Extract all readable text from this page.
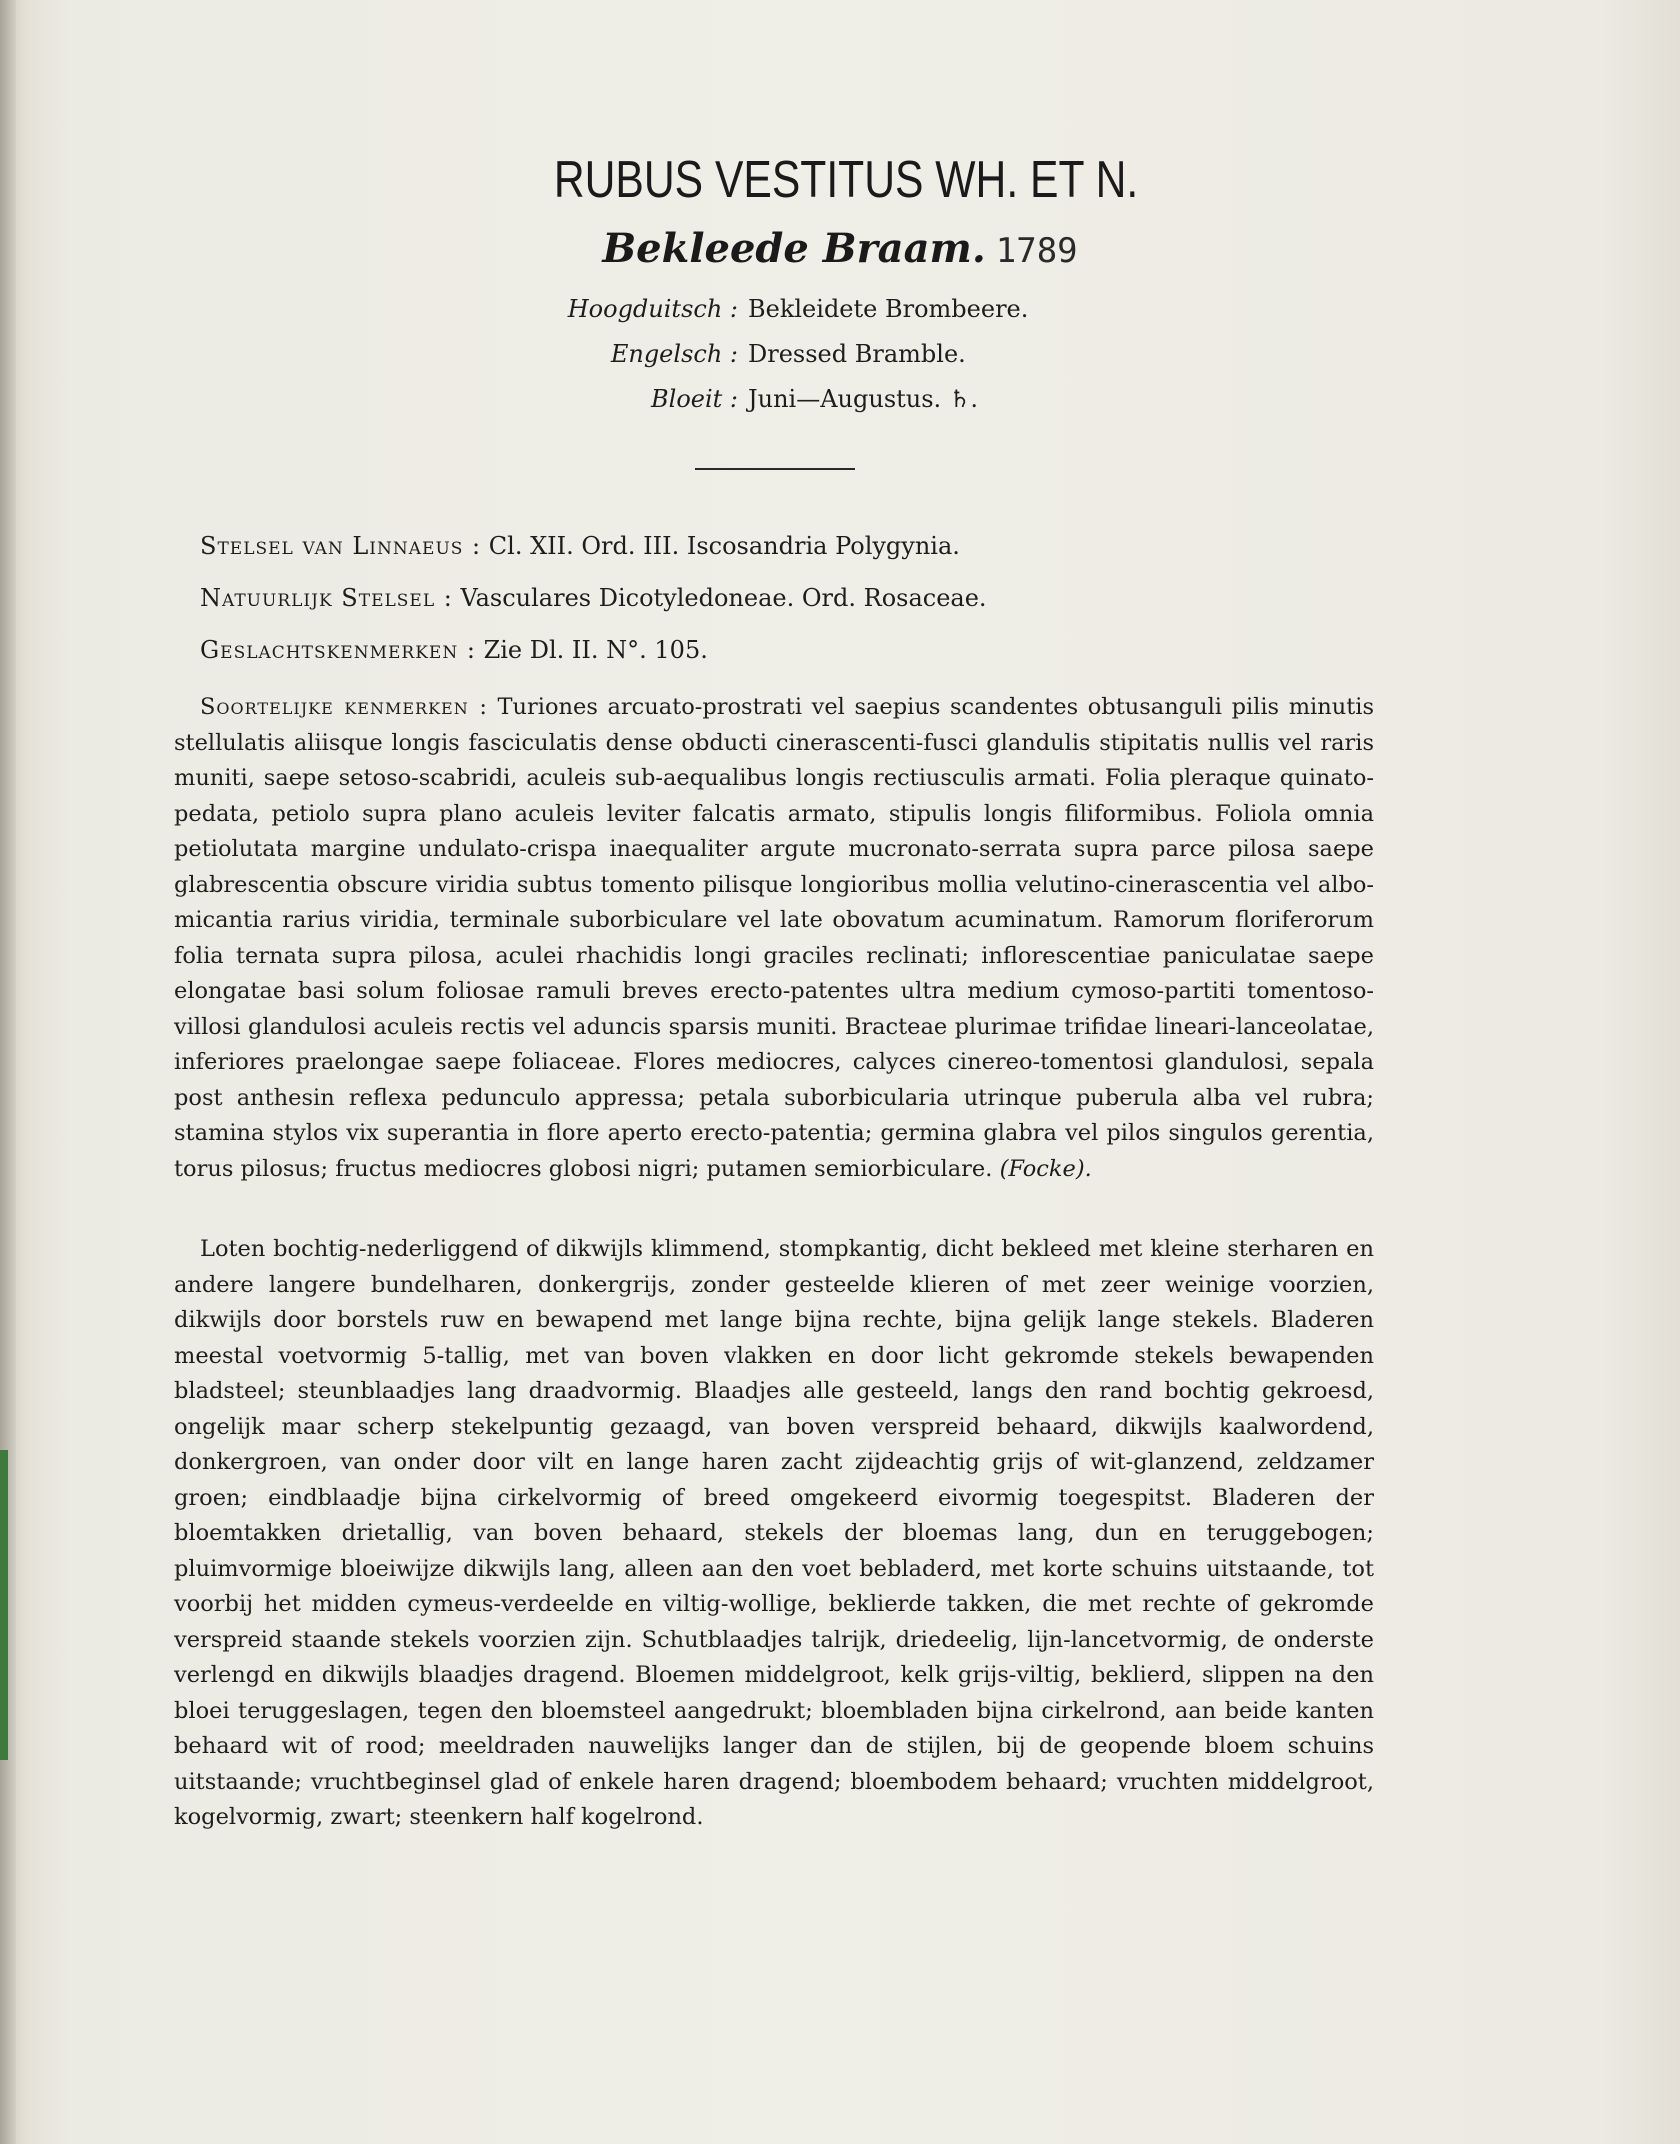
RUBUS VESTITUS WH. ET N.
Bekleede Braam. 1789
Hoogduitsch : Bekleidete Brombeere.
Engelsch : Dressed Bramble.
Bloeit : Juni—Augustus. ♄.
Stelsel van Linnaeus : Cl. XII. Ord. III. Iscosandria Polygynia.
Natuurlijk Stelsel : Vasculares Dicotyledoneae. Ord. Rosaceae.
Geslachtskenmerken : Zie Dl. II. N°. 105.
Soortelijke kenmerken : Turiones arcuato-prostrati vel saepius scandentes obtusanguli pilis minutis stellulatis aliisque longis fasciculatis dense obducti cinerascenti-fusci glandulis stipitatis nullis vel raris muniti, saepe setoso-scabridi, aculeis sub-aequalibus longis rectiusculis armati. Folia pleraque quinato-pedata, petiolo supra plano aculeis leviter falcatis armato, stipulis longis filiformibus. Foliola omnia petiolutata margine undulato-crispa inaequaliter argute mucronato-serrata supra parce pilosa saepe glabrescentia obscure viridia subtus tomento pilisque longioribus mollia velutino-cinerascentia vel albo-micantia rarius viridia, terminale suborbiculare vel late obovatum acuminatum. Ramorum floriferorum folia ternata supra pilosa, aculei rhachidis longi graciles reclinati; inflorescentiae paniculatae saepe elongatae basi solum foliosae ramuli breves erecto-patentes ultra medium cymoso-partiti tomentoso-villosi glandulosi aculeis rectis vel aduncis sparsis muniti. Bracteae plurimae trifidae lineari-lanceolatae, inferiores praelongae saepe foliaceae. Flores mediocres, calyces cinereo-tomentosi glandulosi, sepala post anthesin reflexa pedunculo appressa; petala suborbicularia utrinque puberula alba vel rubra; stamina stylos vix superantia in flore aperto erecto-patentia; germina glabra vel pilos singulos gerentia, torus pilosus; fructus mediocres globosi nigri; putamen semiorbiculare. (Focke).
Loten bochtig-nederliggend of dikwijls klimmend, stompkantig, dicht bekleed met kleine sterharen en andere langere bundelharen, donkergrijs, zonder gesteelde klieren of met zeer weinige voorzien, dikwijls door borstels ruw en bewapend met lange bijna rechte, bijna gelijk lange stekels. Bladeren meestal voetvormig 5-tallig, met van boven vlakken en door licht gekromde stekels bewapenden bladsteel; steunblaadjes lang draadvormig. Blaadjes alle gesteeld, langs den rand bochtig gekroesd, ongelijk maar scherp stekelpuntig gezaagd, van boven verspreid behaard, dikwijls kaalwordend, donkergroen, van onder door vilt en lange haren zacht zijdeachtig grijs of wit-glanzend, zeldzamer groen; eindblaadje bijna cirkelvormig of breed omgekeerd eivormig toegespitst. Bladeren der bloemtakken drietallig, van boven behaard, stekels der bloemas lang, dun en teruggebogen; pluimvormige bloeiwijze dikwijls lang, alleen aan den voet bebladerd, met korte schuins uitstaande, tot voorbij het midden cymeus-verdeelde en viltig-wollige, beklierde takken, die met rechte of gekromde verspreid staande stekels voorzien zijn. Schutblaadjes talrijk, driedeelig, lijn-lancetvormig, de onderste verlengd en dikwijls blaadjes dragend. Bloemen middelgroot, kelk grijs-viltig, beklierd, slippen na den bloei teruggeslagen, tegen den bloemsteel aangedrukt; bloembladen bijna cirkelrond, aan beide kanten behaard wit of rood; meeldraden nauwelijks langer dan de stijlen, bij de geopende bloem schuins uitstaande; vruchtbeginsel glad of enkele haren dragend; bloembodem behaard; vruchten middelgroot, kogelvormig, zwart; steenkern half kogelrond.
